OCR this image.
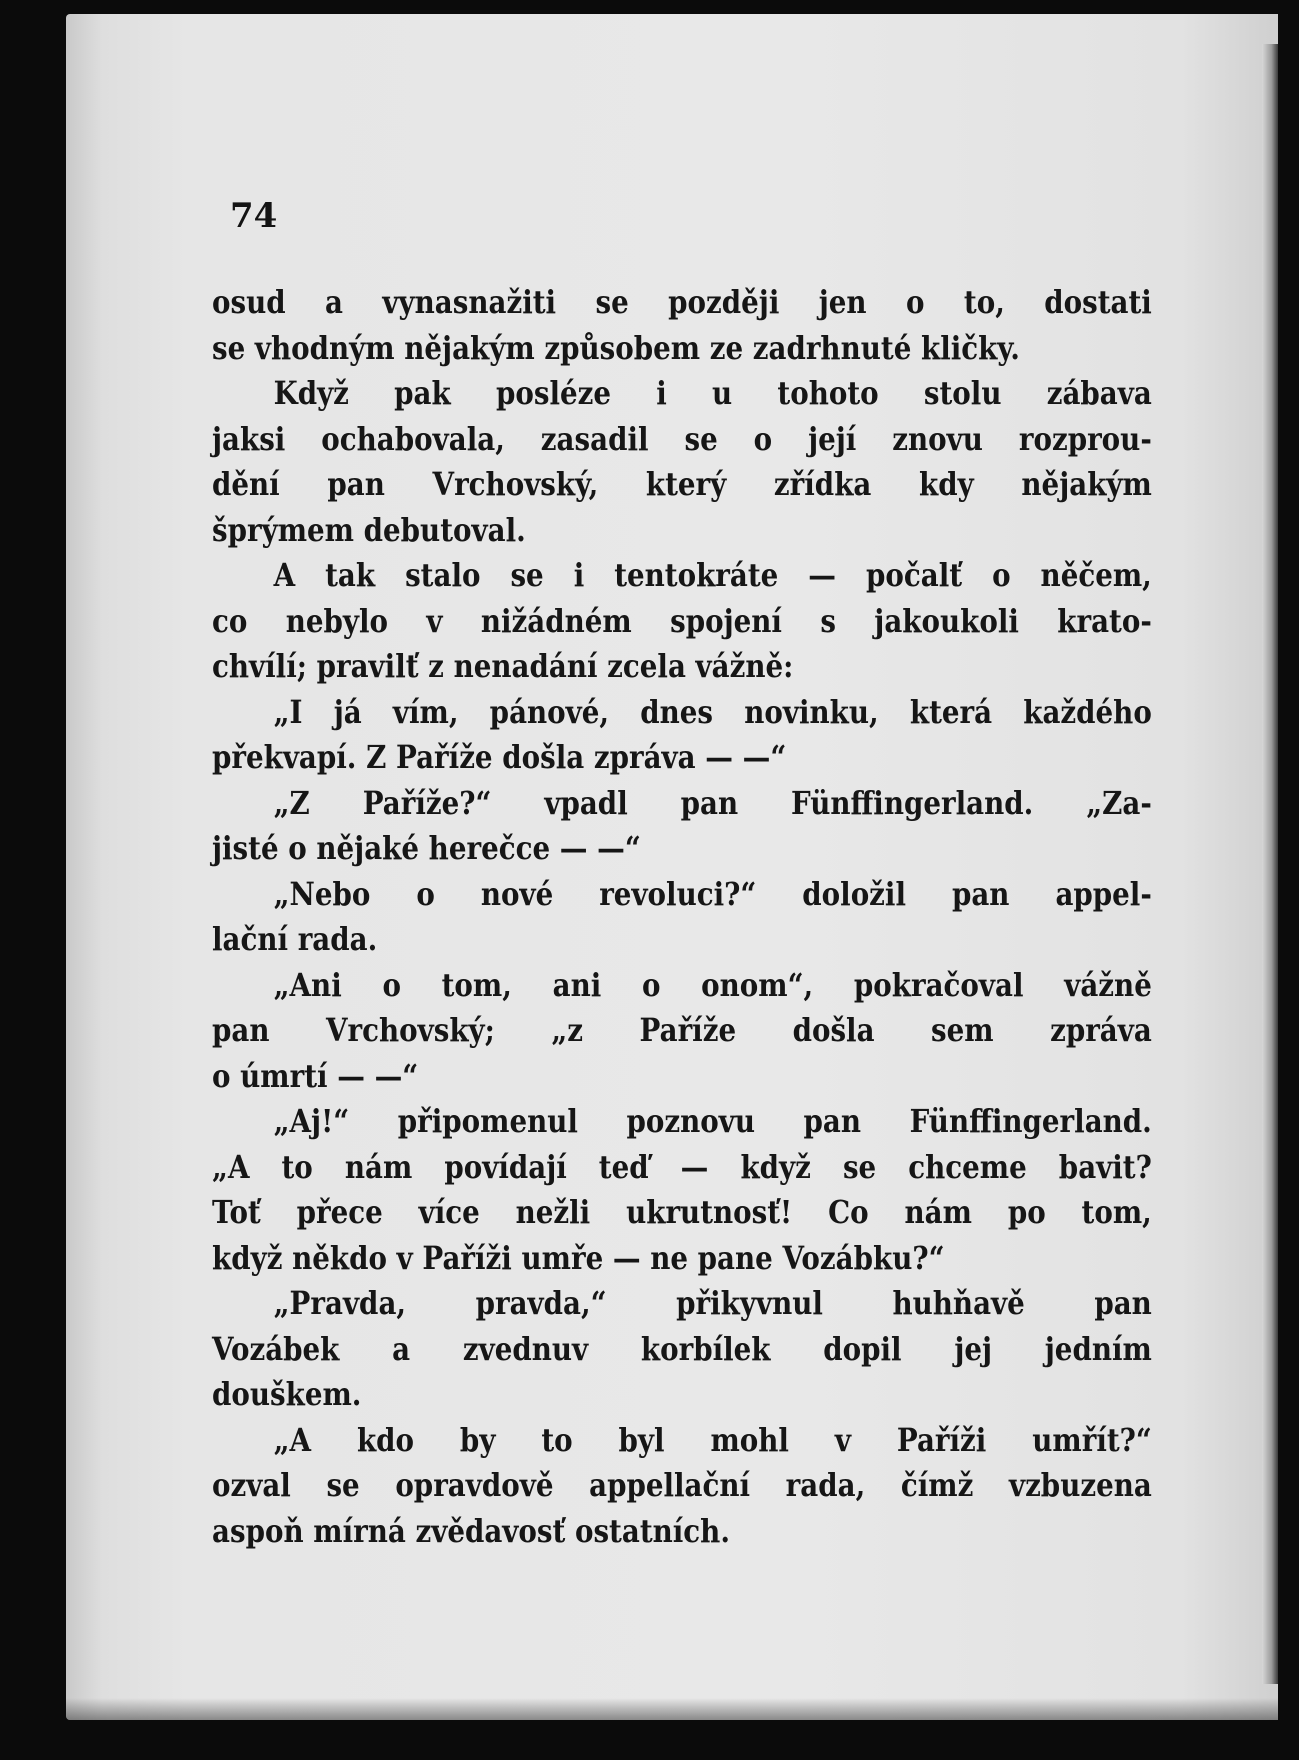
74
osud a vynasnažiti se později jen o to, dostati
se vhodným nějakým způsobem ze zadrhnuté kličky.
Když pak posléze i u tohoto stolu zábava
jaksi ochabovala, zasadil se o její znovu rozprou-
dění pan Vrchovský, který zřídka kdy nějakým
šprýmem debutoval.
A tak stalo se i tentokráte — počalť o něčem,
co nebylo v nižádném spojení s jakoukoli krato-
chvílí; pravilť z nenadání zcela vážně:
„I já vím, pánové, dnes novinku, která každého
překvapí. Z Paříže došla zpráva — —“
„Z Paříže?“ vpadl pan Fünffingerland. „Za-
jisté o nějaké herečce — —“
„Nebo o nové revoluci?“ doložil pan appel-
lační rada.
„Ani o tom, ani o onom“, pokračoval vážně
pan Vrchovský; „z Paříže došla sem zpráva
o úmrtí — —“
„Aj!“ připomenul poznovu pan Fünffingerland.
„A to nám povídají teď — když se chceme bavit?
Toť přece více nežli ukrutnosť! Co nám po tom,
když někdo v Paříži umře — ne pane Vozábku?“
„Pravda, pravda,“ přikyvnul huhňavě pan
Vozábek a zvednuv korbílek dopil jej jedním
douškem.
„A kdo by to byl mohl v Paříži umřít?“
ozval se opravdově appellační rada, čímž vzbuzena
aspoň mírná zvědavosť ostatních.
